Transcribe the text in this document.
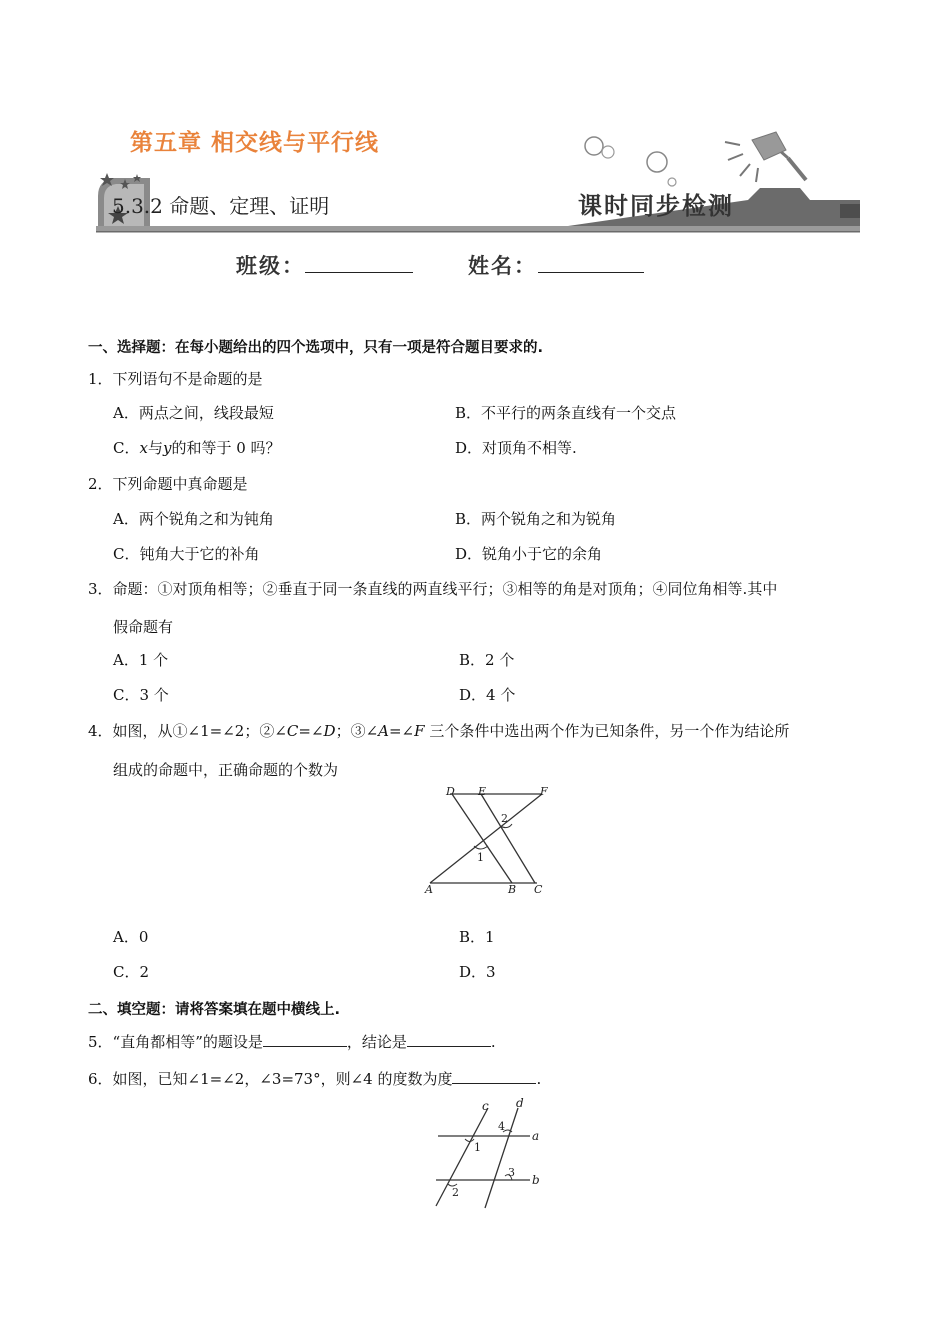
第五章 相交线与平行线
5.3.2 命题、定理、证明	课时同步检测
班级：	姓名：
一、选择题：在每小题给出的四个选项中，只有一项是符合题目要求的.
1．下列语句不是命题的是
A．两点之间，线段最短	B．不平行的两条直线有一个交点
C．x与y的和等于 0 吗？	D．对顶角不相等.
2．下列命题中真命题是
A．两个锐角之和为钝角	B．两个锐角之和为锐角
C．钝角大于它的补角	D．锐角小于它的余角
3．命题：①对顶角相等；②垂直于同一条直线的两直线平行；③相等的角是对顶角；④同位角相等.其中
假命题有
A．1 个	B．2 个
C．3 个	D．4 个
4．如图，从①∠1=∠2；②∠C=∠D；③∠A=∠F 三个条件中选出两个作为已知条件，另一个作为结论所
组成的命题中，正确命题的个数为
D E	F
A	B C
1
2
A．0	B．1
C．2	D．3
二、填空题：请将答案填在题中横线上.
5．“直角都相等”的题设是	，结论是	.
6．如图，已知∠1=∠2，∠3=73°，则∠4 的度数为度	.
c d
a
b
1
2
3
4
